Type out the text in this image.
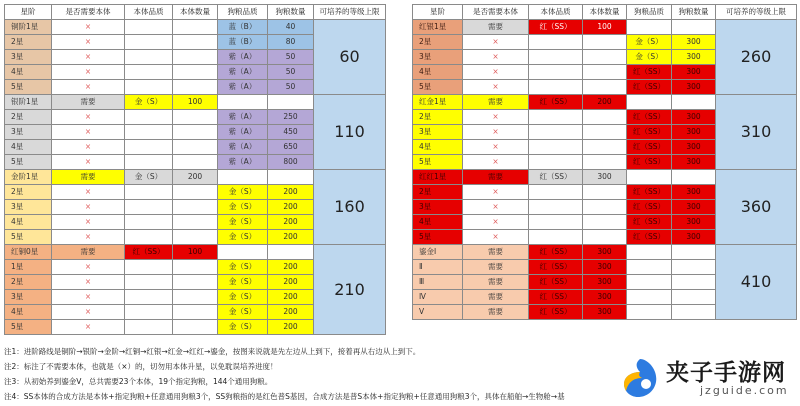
星阶	是否需要本体	本体品质	本体数量	狗粮品质	狗粮数量	可培养的等级上限
铜阶1星	×			蓝（B）	40	60
2星	×			蓝（B）	80	
3星	×			紫（A）	50	
4星	×			紫（A）	50	
5星	×			紫（A）	50	
银阶1星	需要	金（S）	100			110
2星	×			紫（A）	250	
3星	×			紫（A）	450	
4星	×			紫（A）	650	
5星	×			紫（A）	800	
金阶1星	需要	金（S）	200			160
2星	×			金（S）	200	
3星	×			金（S）	200	
4星	×			金（S）	200	
5星	×			金（S）	200	
星阶	是否需要本体	本体品质	本体数量	狗粮品质	狗粮数量	可培养的等级上限
红银1星	需要	红（SS）	100			260
2星	×			金（S）	300	
3星	×			金（S）	300	
4星	×			红（SS）	300	
5星	×			红（SS）	300	
红金1星	需要	红（SS）	200			310
2星	×			红（SS）	300	
3星	×			红（SS）	300	
4星	×			红（SS）	300	
5星	×			红（SS）	300	
红红1星	需要	红（SS）	300			360
2星	×			红（SS）	300	
3星	×			红（SS）	300	
4星	×			红（SS）	300	
5星	×			红（SS）	300	
红铜0星	需要	红（SS）	100			210
1星	×			金（S）	200	
2星	×			金（S）	200	
3星	×			金（S）	200	
4星	×			金（S）	200	
5星	×			金（S）	200	
鎏金Ⅰ	需要	红（SS）	300			410
Ⅱ	需要	红（SS）	300			
Ⅲ	需要	红（SS）	300			
Ⅳ	需要	红（SS）	300			
Ⅴ	需要	红（SS）	300			
注1：进阶路线是铜阶→银阶→金阶→红铜→红银→红金→红红→鎏金，按图来说就是先左边从上到下，接着再从右边从上到下。
注2：标注了不需要本体，也就是（×）的，切勿用本体升星，以免耽误培养进度！
注3：从初始养到鎏金Ⅴ，总共需要23个本体，19个指定狗粮，144个通用狗粮。
注4：SS本体的合成方法是本体+指定狗粮+任意通用狗粮3个，SS狗粮指的是红色普S基因，合成方法是普S本体+指定狗粮+任意通用狗粮3个，具体在船舶→生物舱→基
夹子手游网
jzguide.com
